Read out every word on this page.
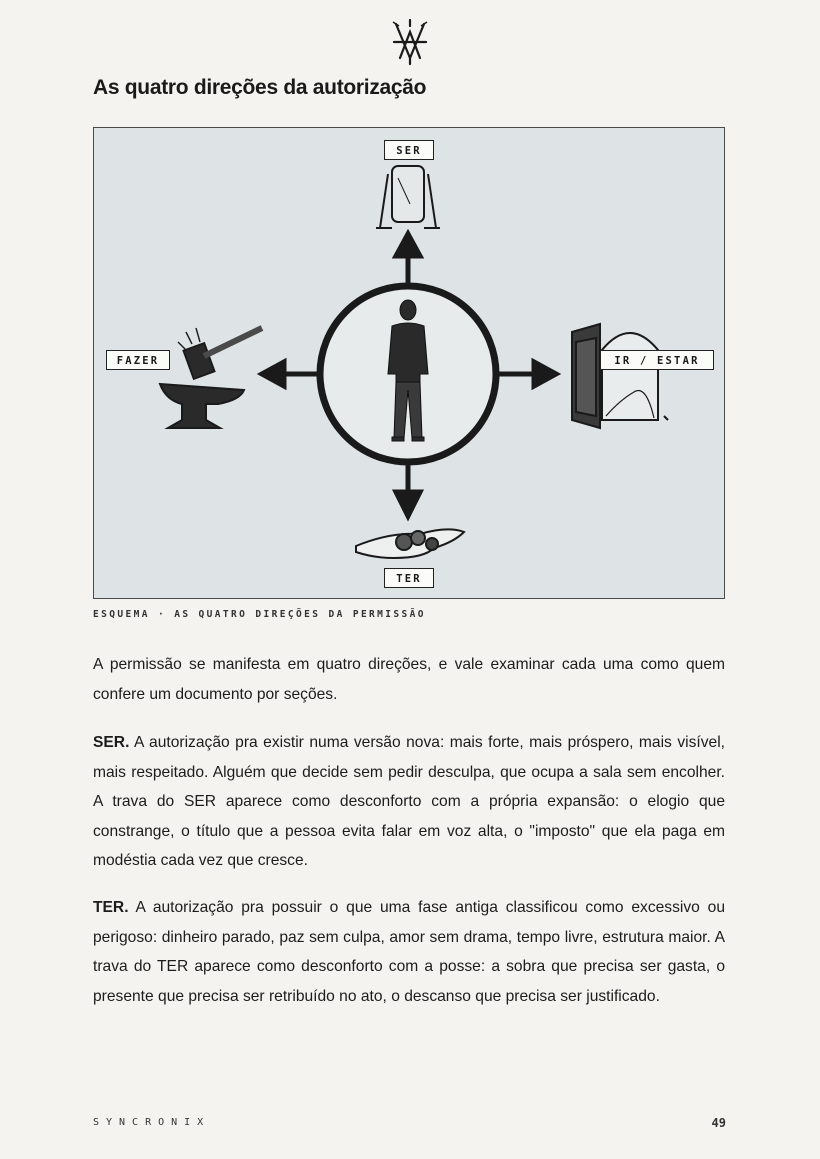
As quatro direções da autorização
SER
FAZER	IR / ESTAR
TER
ESQUEMA · AS QUATRO DIREÇÕES DA PERMISSÃO

A permissão se manifesta em quatro direções, e vale examinar cada uma como quem confere um documento por seções.

SER. A autorização pra existir numa versão nova: mais forte, mais próspero, mais visível, mais respeitado. Alguém que decide sem pedir desculpa, que ocupa a sala sem encolher. A trava do SER aparece como desconforto com a própria expansão: o elogio que constrange, o título que a pessoa evita falar em voz alta, o "imposto" que ela paga em modéstia cada vez que cresce.

TER. A autorização pra possuir o que uma fase antiga classificou como excessivo ou perigoso: dinheiro parado, paz sem culpa, amor sem drama, tempo livre, estrutura maior. A trava do TER aparece como desconforto com a posse: a sobra que precisa ser gasta, o presente que precisa ser retribuído no ato, o descanso que precisa ser justificado.

SYNCRONIX	49
